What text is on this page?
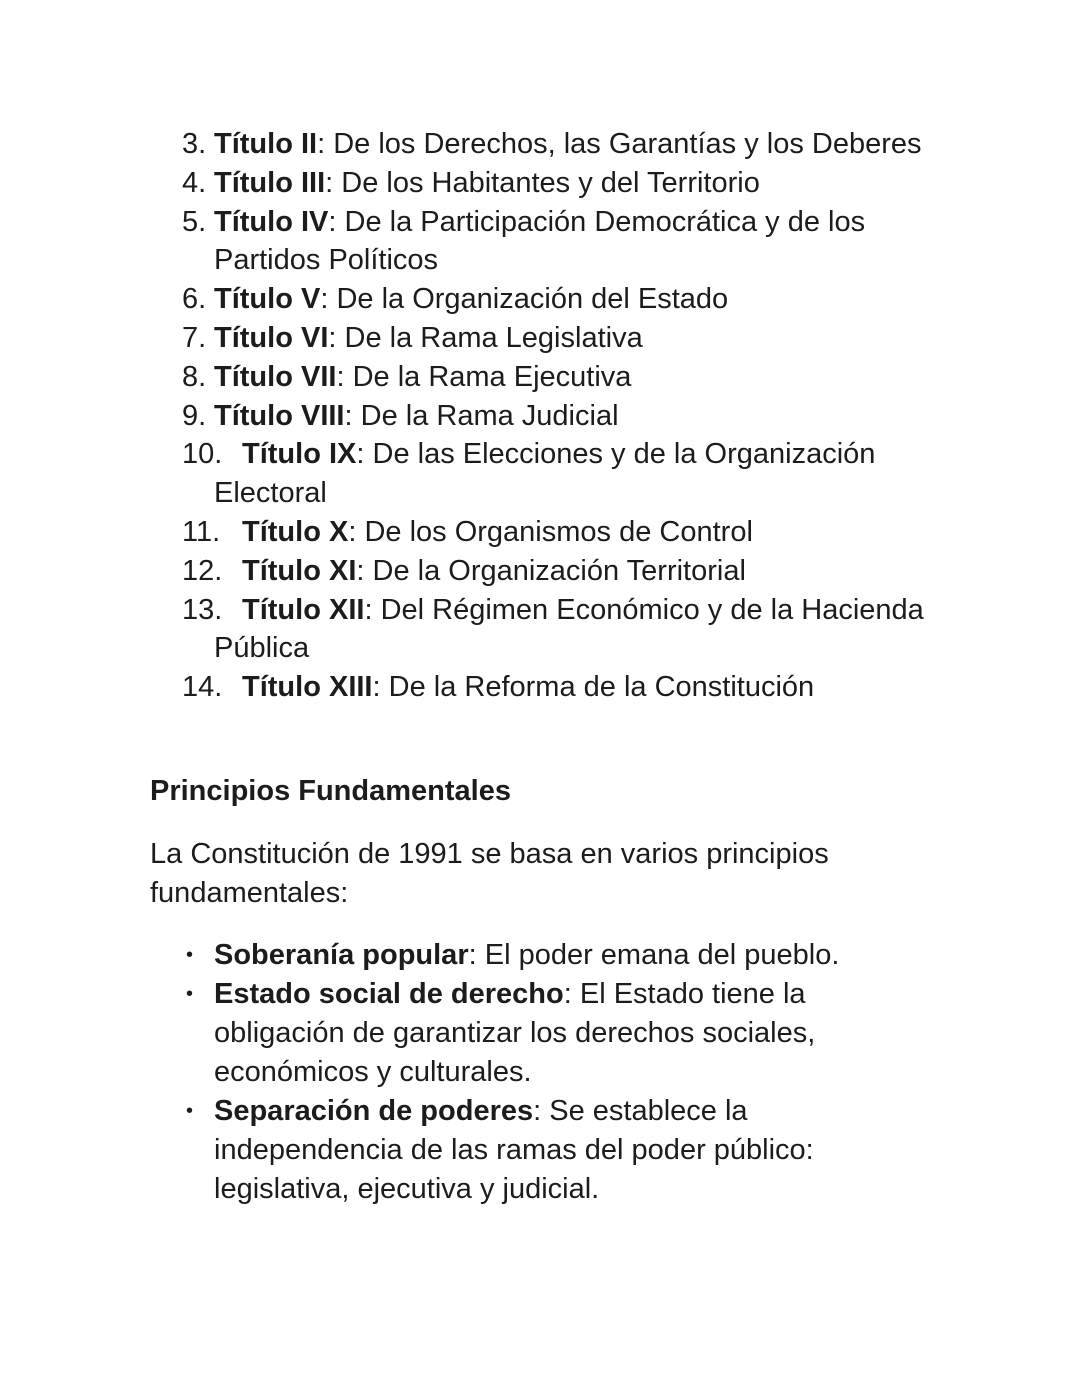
3. Título II: De los Derechos, las Garantías y los Deberes
4. Título III: De los Habitantes y del Territorio
5. Título IV: De la Participación Democrática y de los Partidos Políticos
6. Título V: De la Organización del Estado
7. Título VI: De la Rama Legislativa
8. Título VII: De la Rama Ejecutiva
9. Título VIII: De la Rama Judicial
10. Título IX: De las Elecciones y de la Organización Electoral
11. Título X: De los Organismos de Control
12. Título XI: De la Organización Territorial
13. Título XII: Del Régimen Económico y de la Hacienda Pública
14. Título XIII: De la Reforma de la Constitución
Principios Fundamentales

La Constitución de 1991 se basa en varios principios fundamentales:

• Soberanía popular: El poder emana del pueblo.
• Estado social de derecho: El Estado tiene la obligación de garantizar los derechos sociales, económicos y culturales.
• Separación de poderes: Se establece la independencia de las ramas del poder público: legislativa, ejecutiva y judicial.
